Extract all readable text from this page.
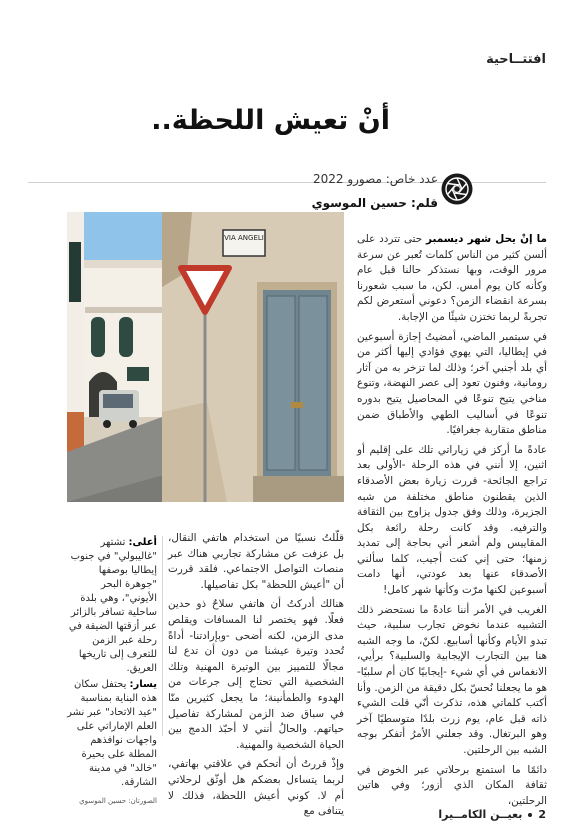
افتتــاحية
أنْ تعيش اللحظة..
عدد خاص: مصورو 2022
قلم: حسين الموسوي

ما إنْ يحل شهر ديسمبر حتى تتردد على ألسن كثير من الناس كلمات تُعبر عن سرعة مرور الوقت، وبها نستذكر حالنا قبل عام وكأنه كان يوم أمس. لكن، ما سبب شعورنا بسرعة انقضاء الزمن؟ دعوني أستعرض لكم تجربةً لربما تختزن شيئًا من الإجابة.

في سبتمبر الماضي، أمضيتُ إجازة أسبوعين في إيطاليا، التي يهوي فؤادي إليها أكثر من أي بلد أجنبي آخر؛ وذلك لما تزخر به من آثار رومانية، وفنون تعود إلى عصر النهضة، وتنوع مناخي يتيح تنوعًا في المحاصيل يتيح بدوره تنوعًا في أساليب الطهي والأطباق ضمن مناطق متقاربة جغرافيًا.

عادةً ما أركز في زياراتي تلك على إقليم أو اثنين، إلا أنني في هذه الرحلة -الأولى بعد تراجع الجائحة- قررت زيارة بعض الأصدقاء الذين يقطنون مناطق مختلفة من شبه الجزيرة، وذلك وفق جدول يزاوج بين الثقافة والترفيه. وقد كانت رحلة رائعة بكل المقاييس ولم أشعر أني بحاجة إلى تمديد زمنها؛ حتى إني كنت أجيب، كلما سألني الأصدقاء عنها بعد عودتي، أنها دامت أسبوعين لكنها مرّت وكأنها شهر كامل!

الغريب في الأمر أننا عادةً ما نستحضر ذلك التشبيه عندما نخوض تجارب سلبية، حيث تبدو الأيام وكأنها أسابيع. لكنْ، ما وجه الشبه هنا بين التجارب الإيجابية والسلبية؟ برأيي، الانغماس في أي شيء -إيجابيًا كان أم سلبيًا- هو ما يجعلنا نُحسّ بكل دقيقة من الزمن. وأنا أكتب كلماتي هذه، تذكرت أنّي قلت الشيء ذاته قبل عام، يوم زرت بلدًا متوسطيًا آخر وهو البرتغال. وقد جعلني الأمرُ أتفكر بوجه الشبه بين الرحلتين.

دائمًا ما استمتع برحلاتي عبر الخوض في ثقافة المكان الذي أزور؛ وفي هاتين الرحلتين،

VIA ANGELI

قلّلتُ نسبيًا من استخدام هاتفي النقال، بل عزفت عن مشاركة تجاربي هناك عبر منصات التواصل الاجتماعي. فلقد قررت أن "أعيش اللحظة" بكل تفاصيلها.

هنالك أدركتُ أن هاتفي سلاحٌ ذو حدين فعلًا. فهو يختصر لنا المسافات ويقلص مدى الزمن، لكنه أضحى -وبإرادتنا- أداةً تُحدد وتيرة عيشنا من دون أن تدع لنا مجالًا للتمييز بين الوتيرة المهنية وتلك الشخصية التي تحتاج إلى جرعات من الهدوء والطمأنينة؛ ما يجعل كثيرين منّا في سباق ضد الزمن لمشاركة تفاصيل حياتهم. والحالُ أنني لا أحبّذ الدمج بين الحياة الشخصية والمهنية.

وإذْ قررتُ أن أتحكم في علاقتي بهاتفي، لربما يتساءل بعضكم هل أوثّق لرحلاتي أم لا. كوني أعيش اللحظة، فذلك لا يتنافى مع

أعلى: تشتهر "غاليبولي" في جنوب إيطاليا بوصفها "جوهرة البحر الأيوني"، وهي بلدة ساحلية تسافر بالزائر عبر أزقتها الضيقة في رحلة عبر الزمن للتعرف إلى تاريخها العريق.

يسار: يحتفل سكان هذه البناية بمناسبة "عيد الاتحاد" عبر نشر العلم الإماراتي على واجهات نوافذهم المطلة على بحيرة "خالد" في مدينة الشارقة.

الصورتان: حسين الموسوي
2بعيــن الكامــيرا
